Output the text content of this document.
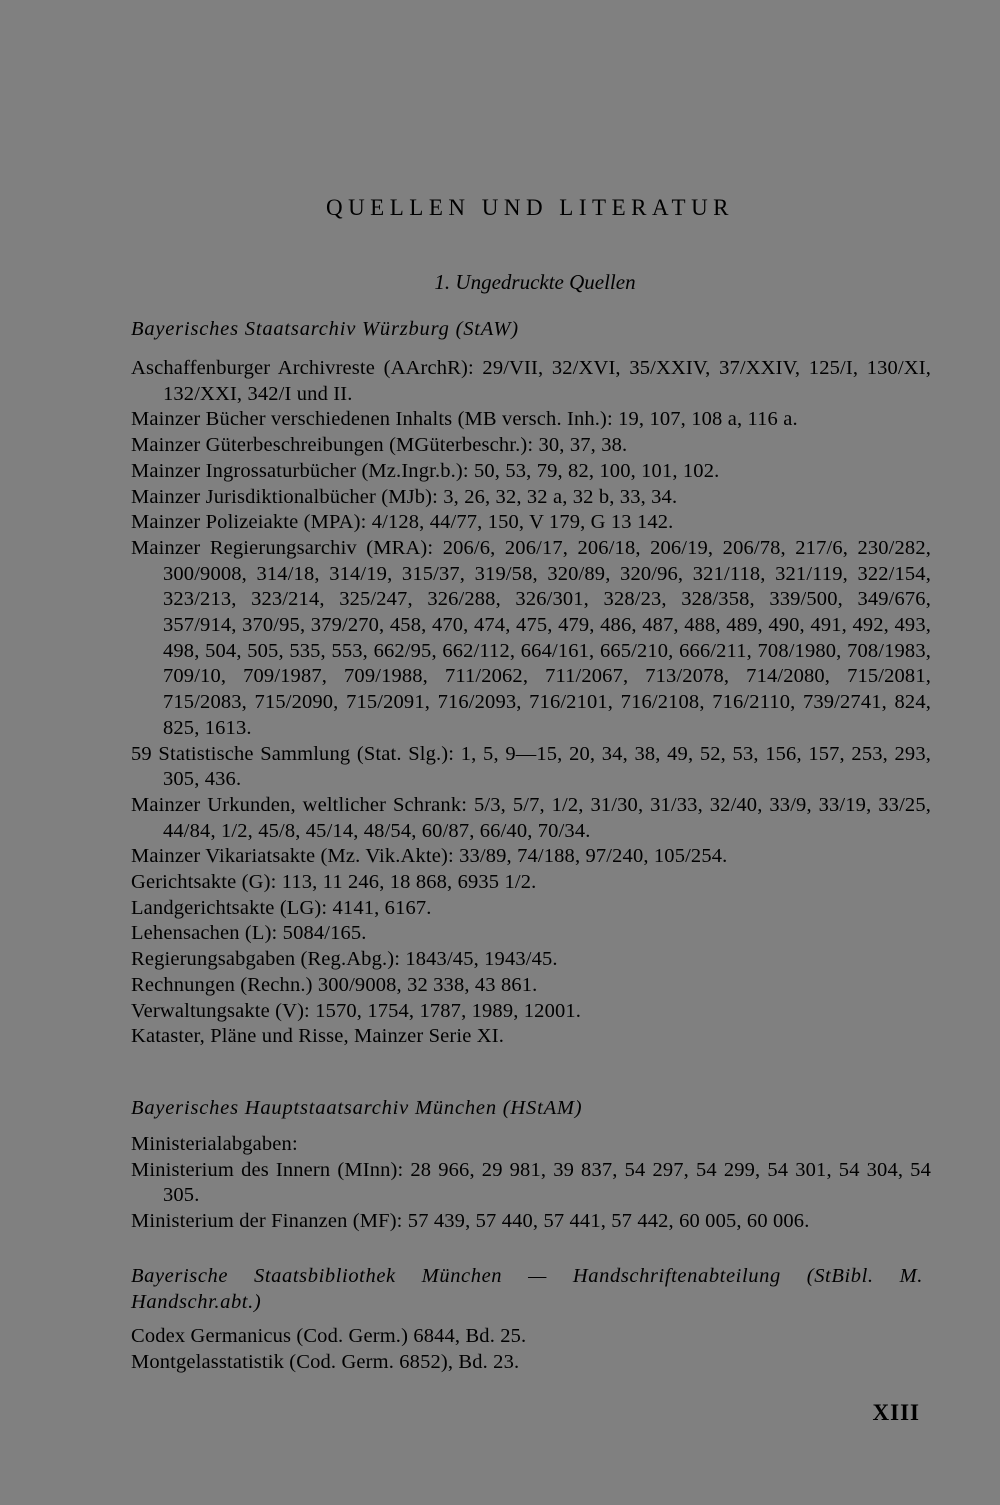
QUELLEN UND LITERATUR
1. Ungedruckte Quellen
Bayerisches Staatsarchiv Würzburg (StAW)
Aschaffenburger Archivreste (AArchR): 29/VII, 32/XVI, 35/XXIV, 37/XXIV, 125/I, 130/XI, 132/XXI, 342/I und II.
Mainzer Bücher verschiedenen Inhalts (MB versch. Inh.): 19, 107, 108 a, 116 a.
Mainzer Güterbeschreibungen (MGüterbeschr.): 30, 37, 38.
Mainzer Ingrossaturbücher (Mz.Ingr.b.): 50, 53, 79, 82, 100, 101, 102.
Mainzer Jurisdiktionalbücher (MJb): 3, 26, 32, 32 a, 32 b, 33, 34.
Mainzer Polizeiakte (MPA): 4/128, 44/77, 150, V 179, G 13 142.
Mainzer Regierungsarchiv (MRA): 206/6, 206/17, 206/18, 206/19, 206/78, 217/6, 230/282, 300/9008, 314/18, 314/19, 315/37, 319/58, 320/89, 320/96, 321/118, 321/119, 322/154, 323/213, 323/214, 325/247, 326/288, 326/301, 328/23, 328/358, 339/500, 349/676, 357/914, 370/95, 379/270, 458, 470, 474, 475, 479, 486, 487, 488, 489, 490, 491, 492, 493, 498, 504, 505, 535, 553, 662/95, 662/112, 664/161, 665/210, 666/211, 708/1980, 708/1983, 709/10, 709/1987, 709/1988, 711/2062, 711/2067, 713/2078, 714/2080, 715/2081, 715/2083, 715/2090, 715/2091, 716/2093, 716/2101, 716/2108, 716/2110, 739/2741, 824, 825, 1613.
59 Statistische Sammlung (Stat. Slg.): 1, 5, 9—15, 20, 34, 38, 49, 52, 53, 156, 157, 253, 293, 305, 436.
Mainzer Urkunden, weltlicher Schrank: 5/3, 5/7, 1/2, 31/30, 31/33, 32/40, 33/9, 33/19, 33/25, 44/84, 1/2, 45/8, 45/14, 48/54, 60/87, 66/40, 70/34.
Mainzer Vikariatsakte (Mz. Vik.Akte): 33/89, 74/188, 97/240, 105/254.
Gerichtsakte (G): 113, 11 246, 18 868, 6935 1/2.
Landgerichtsakte (LG): 4141, 6167.
Lehensachen (L): 5084/165.
Regierungsabgaben (Reg.Abg.): 1843/45, 1943/45.
Rechnungen (Rechn.) 300/9008, 32 338, 43 861.
Verwaltungsakte (V): 1570, 1754, 1787, 1989, 12001.
Kataster, Pläne und Risse, Mainzer Serie XI.
Bayerisches Hauptstaatsarchiv München (HStAM)
Ministerialabgaben:
Ministerium des Innern (MInn): 28 966, 29 981, 39 837, 54 297, 54 299, 54 301, 54 304, 54 305.
Ministerium der Finanzen (MF): 57 439, 57 440, 57 441, 57 442, 60 005, 60 006.
Bayerische Staatsbibliothek München — Handschriftenabteilung (StBibl. M. Handschr.abt.)
Codex Germanicus (Cod. Germ.) 6844, Bd. 25.
Montgelasstatistik (Cod. Germ. 6852), Bd. 23.
XIII
